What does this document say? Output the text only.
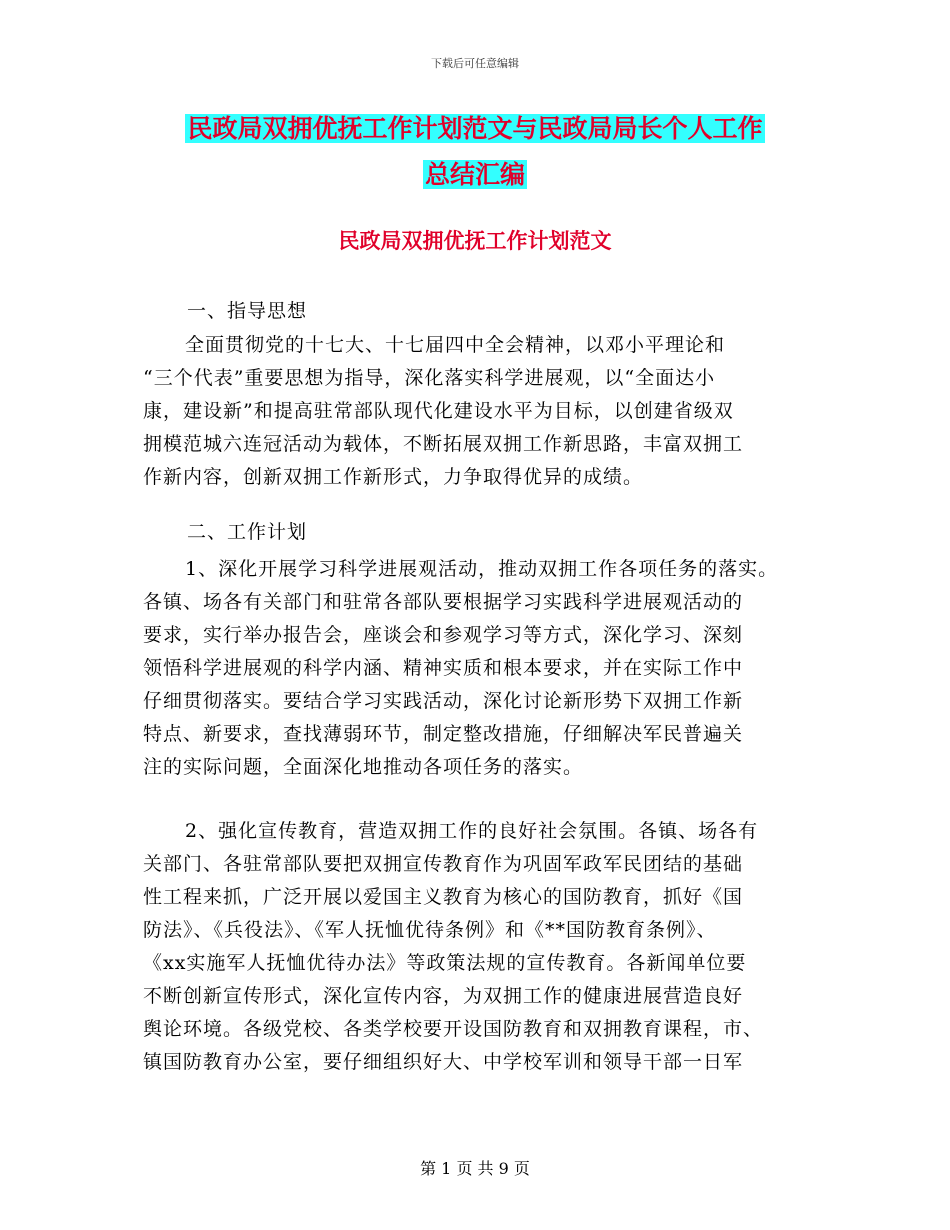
下载后可任意编辑
民政局双拥优抚工作计划范文与民政局局长个人工作
总结汇编
民政局双拥优抚工作计划范文
一、指导思想
全面贯彻党的十七大、十七届四中全会精神，以邓小平理论和
“三个代表”重要思想为指导，深化落实科学进展观，以“全面达小
康，建设新”和提高驻常部队现代化建设水平为目标，以创建省级双
拥模范城六连冠活动为载体，不断拓展双拥工作新思路，丰富双拥工
作新内容，创新双拥工作新形式，力争取得优异的成绩。
二、工作计划
1、深化开展学习科学进展观活动，推动双拥工作各项任务的落实。
各镇、场各有关部门和驻常各部队要根据学习实践科学进展观活动的
要求，实行举办报告会，座谈会和参观学习等方式，深化学习、深刻
领悟科学进展观的科学内涵、精神实质和根本要求，并在实际工作中
仔细贯彻落实。要结合学习实践活动，深化讨论新形势下双拥工作新
特点、新要求，查找薄弱环节，制定整改措施，仔细解决军民普遍关
注的实际问题，全面深化地推动各项任务的落实。
2、强化宣传教育，营造双拥工作的良好社会氛围。各镇、场各有
关部门、各驻常部队要把双拥宣传教育作为巩固军政军民团结的基础
性工程来抓，广泛开展以爱国主义教育为核心的国防教育，抓好《国
防法》、《兵役法》、《军人抚恤优待条例》和《**国防教育条例》、
《xx实施军人抚恤优待办法》等政策法规的宣传教育。各新闻单位要
不断创新宣传形式，深化宣传内容，为双拥工作的健康进展营造良好
舆论环境。各级党校、各类学校要开设国防教育和双拥教育课程，市、
镇国防教育办公室，要仔细组织好大、中学校军训和领导干部一日军
第 1 页 共 9 页
